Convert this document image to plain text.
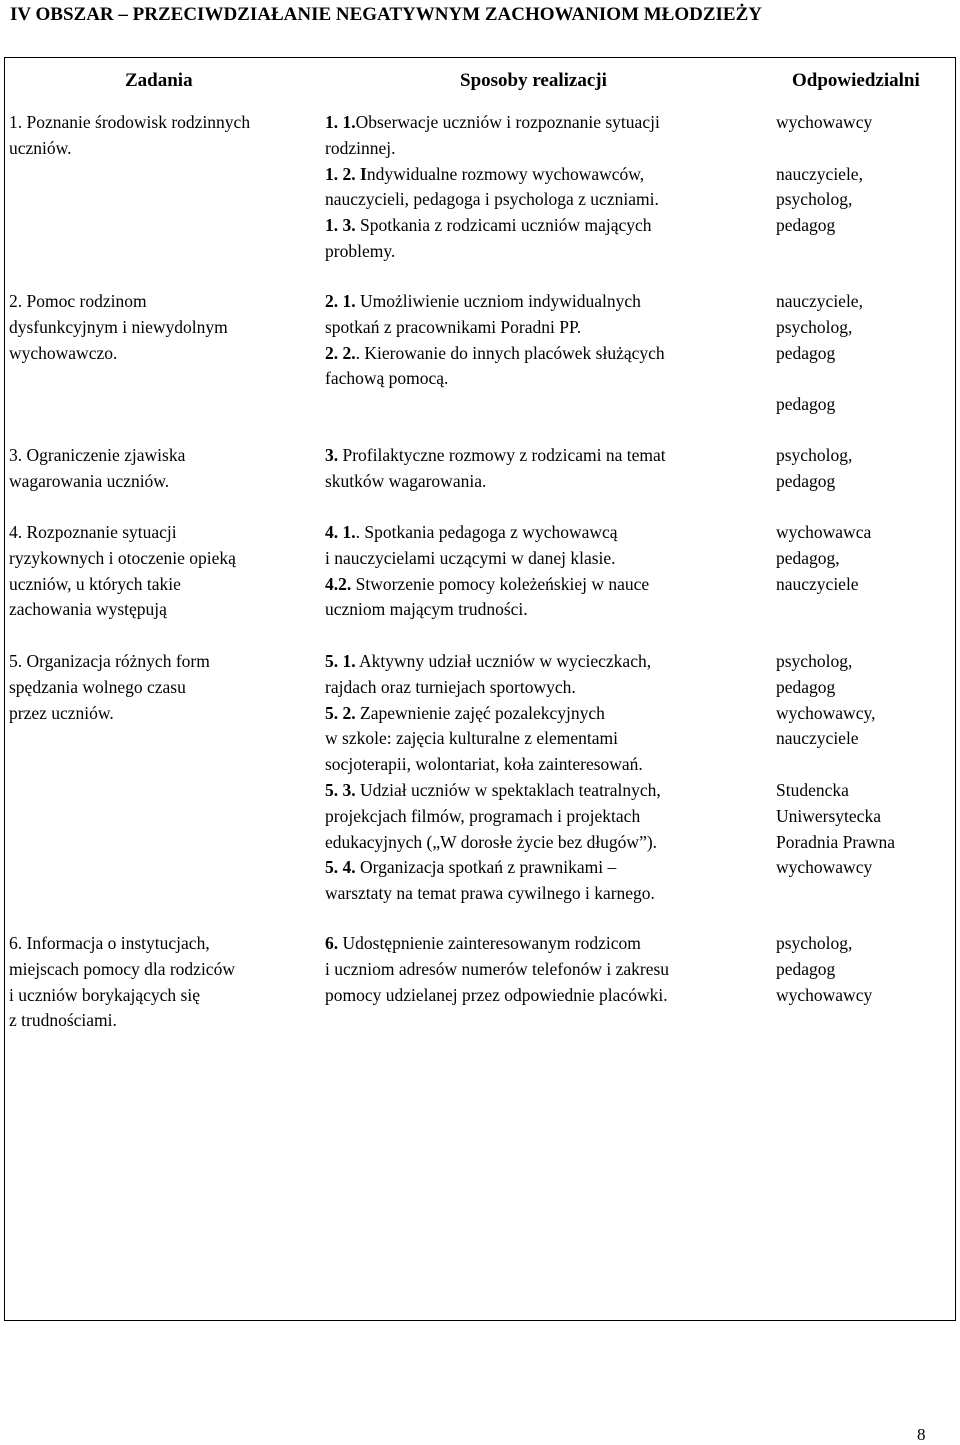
IV OBSZAR – PRZECIWDZIAŁANIE NEGATYWNYM ZACHOWANIOM MŁODZIEŻY
Zadania	Sposoby realizacji	Odpowiedzialni
1. Poznanie środowisk rodzinnych
uczniów.
1. 1.Obserwacje uczniów i rozpoznanie sytuacji
rodzinnej.
1. 2. Indywidualne rozmowy wychowawców,
nauczycieli, pedagoga i psychologa z uczniami.
1. 3. Spotkania z rodzicami uczniów mających
problemy.
wychowawcy
nauczyciele,
psycholog,
pedagog
2. Pomoc rodzinom
dysfunkcyjnym i niewydolnym
wychowawczo.
2. 1. Umożliwienie uczniom indywidualnych
spotkań z pracownikami Poradni PP.
2. 2.. Kierowanie do innych placówek służących
fachową pomocą.
nauczyciele,
psycholog,
pedagog
pedagog
3. Ograniczenie zjawiska
wagarowania uczniów.
3. Profilaktyczne rozmowy z rodzicami na temat
skutków wagarowania.
psycholog,
pedagog
4. Rozpoznanie sytuacji
ryzykownych i otoczenie opieką
uczniów, u których takie
zachowania występują
4. 1.. Spotkania pedagoga z wychowawcą
i nauczycielami uczącymi w danej klasie.
4.2. Stworzenie pomocy koleżeńskiej w nauce
uczniom mającym trudności.
wychowawca
pedagog,
nauczyciele
5. Organizacja różnych form
spędzania wolnego czasu
przez uczniów.
5. 1. Aktywny udział uczniów w wycieczkach,
rajdach oraz turniejach sportowych.
5. 2. Zapewnienie zajęć pozalekcyjnych
w szkole: zajęcia kulturalne z elementami
socjoterapii, wolontariat, koła zainteresowań.
5. 3. Udział uczniów w spektaklach teatralnych,
projekcjach filmów, programach i projektach
edukacyjnych („W dorosłe życie bez długów”).
5. 4. Organizacja spotkań z prawnikami –
warsztaty na temat prawa cywilnego i karnego.
psycholog,
pedagog
wychowawcy,
nauczyciele
Studencka
Uniwersytecka
Poradnia Prawna
wychowawcy
6. Informacja o instytucjach,
miejscach pomocy dla rodziców
i uczniów borykających się
z trudnościami.
6. Udostępnienie zainteresowanym rodzicom
i uczniom adresów numerów telefonów i zakresu
pomocy udzielanej przez odpowiednie placówki.
psycholog,
pedagog
wychowawcy
8
